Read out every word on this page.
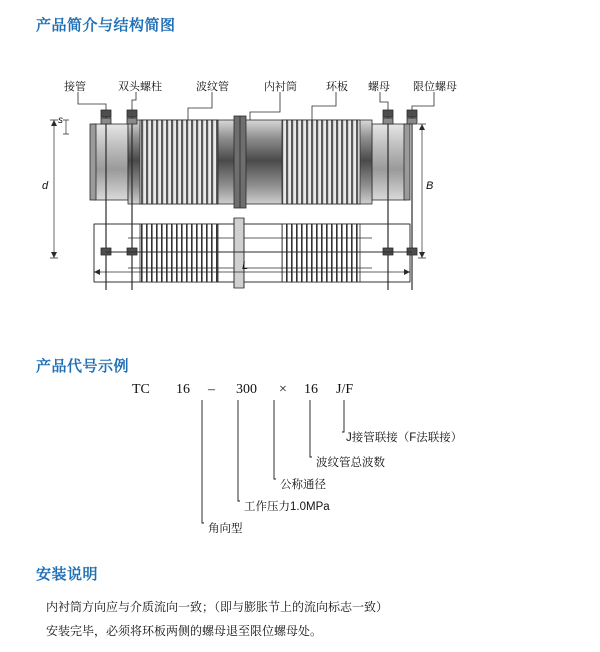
产品简介与结构简图
接管	双头螺柱	波纹管	内衬筒	环板 螺母 限位螺母
s
d	B
L
产品代号示例
TC 16 – 300 × 16 J/F
J接管联接（F法联接）
波纹管总波数
公称通径
工作压力1.0MPa
角向型
安装说明

内衬筒方向应与介质流向一致；（即与膨胀节上的流向标志一致）

安装完毕，必须将环板两侧的螺母退至限位螺母处。
